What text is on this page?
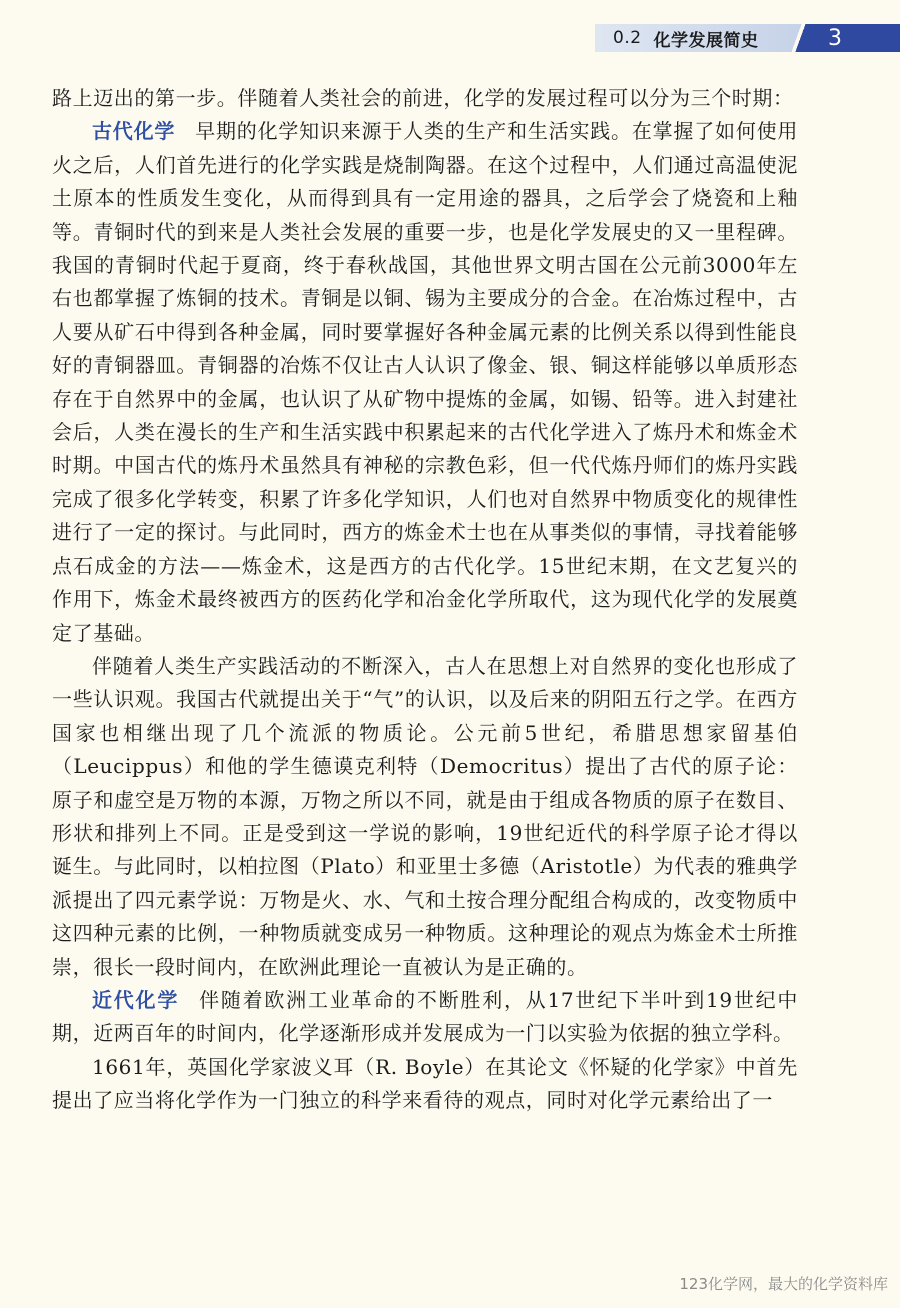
0.2 化学发展简史	3

路上迈出的第一步。伴随着人类社会的前进，化学的发展过程可以分为三个时期：

古代化学 早期的化学知识来源于人类的生产和生活实践。在掌握了如何使用火之后，人们首先进行的化学实践是烧制陶器。在这个过程中，人们通过高温使泥土原本的性质发生变化，从而得到具有一定用途的器具，之后学会了烧瓷和上釉等。青铜时代的到来是人类社会发展的重要一步，也是化学发展史的又一里程碑。我国的青铜时代起于夏商，终于春秋战国，其他世界文明古国在公元前3000年左右也都掌握了炼铜的技术。青铜是以铜、锡为主要成分的合金。在冶炼过程中，古人要从矿石中得到各种金属，同时要掌握好各种金属元素的比例关系以得到性能良好的青铜器皿。青铜器的冶炼不仅让古人认识了像金、银、铜这样能够以单质形态存在于自然界中的金属，也认识了从矿物中提炼的金属，如锡、铅等。进入封建社会后，人类在漫长的生产和生活实践中积累起来的古代化学进入了炼丹术和炼金术时期。中国古代的炼丹术虽然具有神秘的宗教色彩，但一代代炼丹师们的炼丹实践完成了很多化学转变，积累了许多化学知识，人们也对自然界中物质变化的规律性进行了一定的探讨。与此同时，西方的炼金术士也在从事类似的事情，寻找着能够点石成金的方法——炼金术，这是西方的古代化学。15世纪末期，在文艺复兴的作用下，炼金术最终被西方的医药化学和冶金化学所取代，这为现代化学的发展奠定了基础。

伴随着人类生产实践活动的不断深入，古人在思想上对自然界的变化也形成了一些认识观。我国古代就提出关于“气”的认识，以及后来的阴阳五行之学。在西方国家也相继出现了几个流派的物质论。公元前5世纪，希腊思想家留基伯（Leucippus）和他的学生德谟克利特（Democritus）提出了古代的原子论：原子和虚空是万物的本源，万物之所以不同，就是由于组成各物质的原子在数目、形状和排列上不同。正是受到这一学说的影响，19世纪近代的科学原子论才得以诞生。与此同时，以柏拉图（Plato）和亚里士多德（Aristotle）为代表的雅典学派提出了四元素学说：万物是火、水、气和土按合理分配组合构成的，改变物质中这四种元素的比例，一种物质就变成另一种物质。这种理论的观点为炼金术士所推崇，很长一段时间内，在欧洲此理论一直被认为是正确的。

近代化学 伴随着欧洲工业革命的不断胜利，从17世纪下半叶到19世纪中期，近两百年的时间内，化学逐渐形成并发展成为一门以实验为依据的独立学科。

1661年，英国化学家波义耳（R. Boyle）在其论文《怀疑的化学家》中首先提出了应当将化学作为一门独立的科学来看待的观点，同时对化学元素给出了一

123化学网，最大的化学资料库
